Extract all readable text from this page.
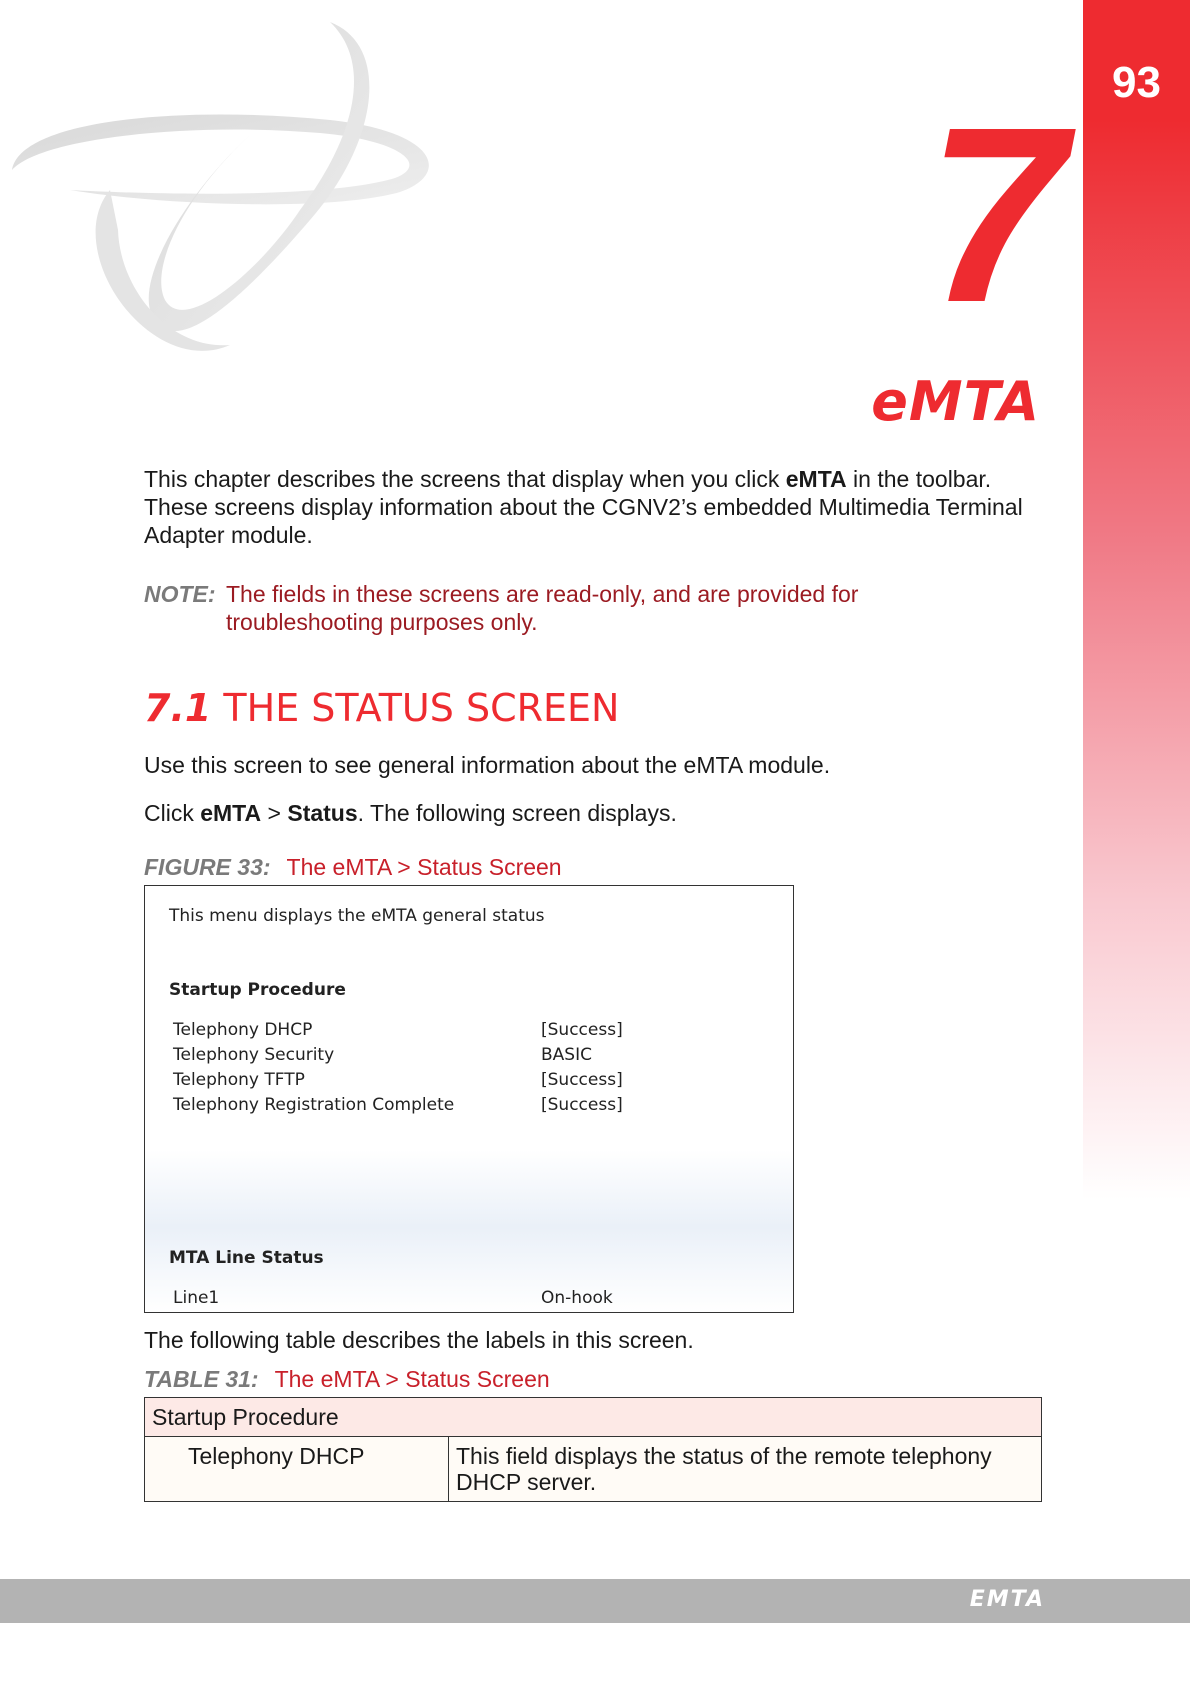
93
7
eMTA
This chapter describes the screens that display when you click eMTA in the toolbar. These screens display information about the CGNV2’s embedded Multimedia Terminal Adapter module.
NOTE: The fields in these screens are read-only, and are provided for troubleshooting purposes only.
7.1 THE STATUS SCREEN
Use this screen to see general information about the eMTA module.
Click eMTA > Status. The following screen displays.
FIGURE 33: The eMTA > Status Screen
This menu displays the eMTA general status
Startup Procedure
Telephony DHCP	[Success]
Telephony Security	BASIC
Telephony TFTP	[Success]
Telephony Registration Complete	[Success]
MTA Line Status
Line1	On-hook
The following table describes the labels in this screen.
TABLE 31: The eMTA > Status Screen
Startup Procedure
Telephony DHCP	This field displays the status of the remote telephony DHCP server.
EMTA
